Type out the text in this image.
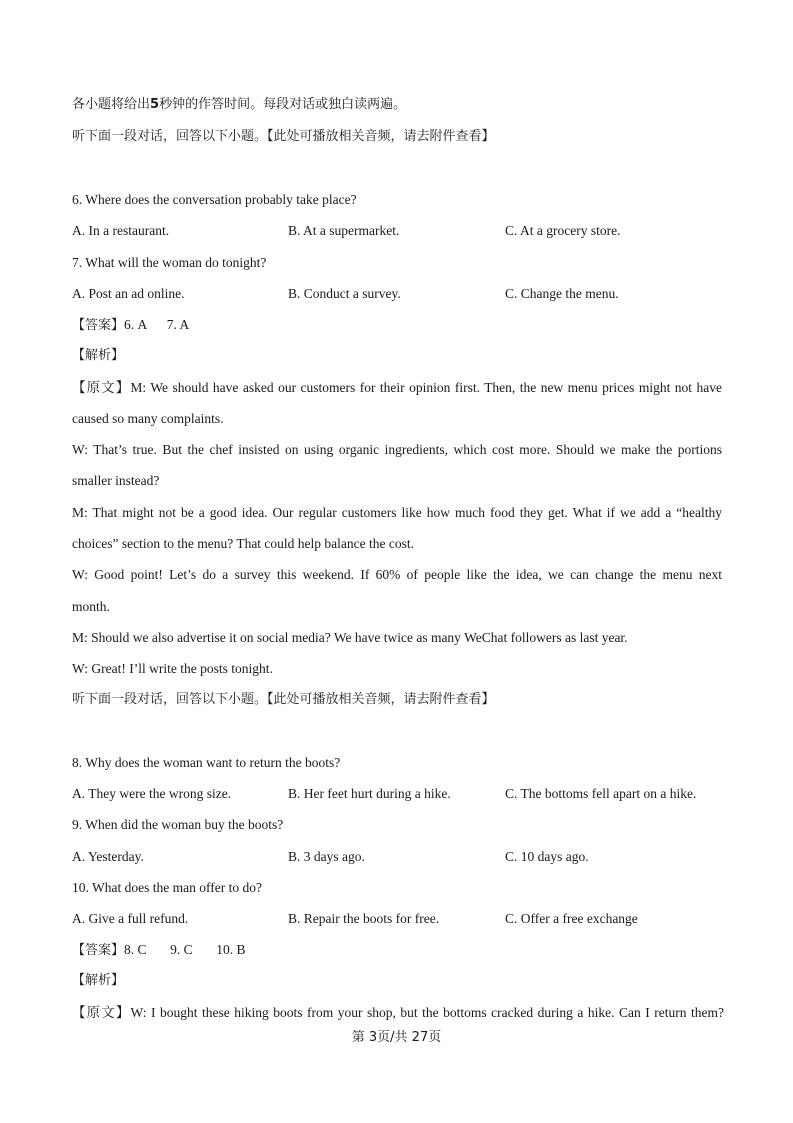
各小题将给出5秒钟的作答时间。每段对话或独白读两遍。

听下面一段对话，回答以下小题。【此处可播放相关音频，请去附件查看】

6. Where does the conversation probably take place?

A. In a restaurant.	B. At a supermarket.	C. At a grocery store.

7. What will the woman do tonight?

A. Post an ad online.	B. Conduct a survey.	C. Change the menu.

【答案】6. A      7. A

【解析】

【原文】M: We should have asked our customers for their opinion first. Then, the new menu prices might not have

caused so many complaints.

W: That’s true. But the chef insisted on using organic ingredients, which cost more. Should we make the portions

smaller instead?

M: That might not be a good idea. Our regular customers like how much food they get. What if we add a “healthy

choices” section to the menu? That could help balance the cost.

W: Good point! Let’s do a survey this weekend. If 60% of people like the idea, we can change the menu next

month.

M: Should we also advertise it on social media? We have twice as many WeChat followers as last year.

W: Great! I’ll write the posts tonight.

听下面一段对话，回答以下小题。【此处可播放相关音频，请去附件查看】

8. Why does the woman want to return the boots?

A. They were the wrong size.	B. Her feet hurt during a hike.	C. The bottoms fell apart on a hike.

9. When did the woman buy the boots?

A. Yesterday.	B. 3 days ago.	C. 10 days ago.

10. What does the man offer to do?

A. Give a full refund.	B. Repair the boots for free.	C. Offer a free exchange

【答案】8. C       9. C       10. B

【解析】

【原文】W: I bought these hiking boots from your shop, but the bottoms cracked during a hike. Can I return them?

第 3页/共 27页
